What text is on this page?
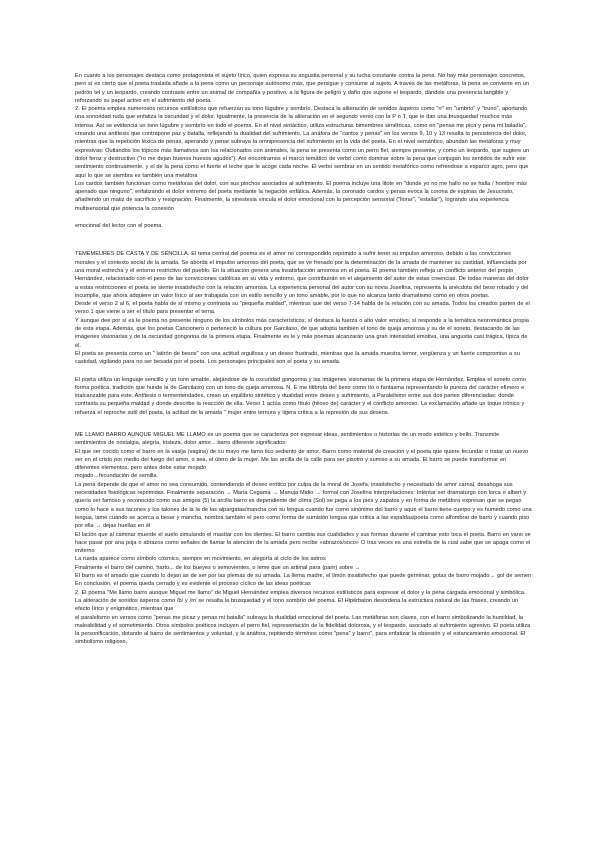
En cuanto a los personajes destaca como protagonista el sujeto lírico, quien expresa su angustia personal y su lucha constante contra la pena. No hay más personajes concretos, pero sí es cierto que el poeta traslada añade a la pena como un personaje autónomo más, que persigue y consume al sujeto. A través de las metáforas, la pena se convierte en un pedrón tel y un leopardo, creando contraste entre un animal de compañía y positivo, a la figura de peligro y daño que supone el leopardo, dándole una presencia tangible y reforzando su papel activo en el sufrimiento del poeta.

2. El poema emplea numerosos recursos estilísticos que refuerzan su tono lúgubre y sombrío. Destaca la aliteración de sonidos ásperos como "rr" en "umbrío" y "truno", aportando una sonoridad ruda que enfatiza la oscuridad y el dolor. Igualmente, la presencia de la aliteración en el segundo verso con la P o T, que le dan una brusquedad muchos más intensa. Así se evidencia un tono lúgubre y sombrío en todo el poema. En el nivel sintáctico, utiliza estructuras bimembres simétricas, como en "penas me pica y pena mi baladía", creando una antítesis que contrapone paz y batalla, reflejando la dualidad del sufrimiento. La anáfora de "cantos y penas" en los versos 9, 10 y 13 resalta la persistencia del dolor, mientras que la repetición léxica de penas, aperando y penar subraya la omnipresencia del sufrimiento en la vida del poeta. En el nivel semántico, abundan las metáforas y muy expresivas: Outlandos los tópicos más llamativos son los relacionados con animales, la pena se presenta como un perro fiel, siempre presente, y como un leopardo, que sugiere un dolor feroz y destructivo ("ro me dejan buenos huesos agudos"). Así encontramos el marco temático de verbo como dominar sobre la pena que conjugan los sentidos de sufrir ese sentimiento continuamente, y el de la pena como el fuerte el leche que le acoge cada noche. El verbo sembrar en un sentido metafórico como refrendose a esparcir agro, pero que aquí lo que se siembra es también una metáfora

Los cardos también funcionan como metáforas del dolor, con sus pinchos asociados al sufrimiento. El poema incluye una litote en "donde yo no me hallo no se halla / hombre más apenado que ninguno", enfatizando el dolor extremo del poeta mediante la negación enfática. Además, la coronado cardos y penas evoca la corona de espinas de Jesucristo, añadiendo un matiz de sacrificio y resignación. Finalmente, la sinestesia vincula el dolor emocional con la percepción sensorial ("llorar", "estallar"), logrando una experiencia multisensorial que potencia la conexión

emocional del lector con el poema.

TEMEMEURES DE CASTA Y DE SENCILLA. El tema central del poema es el amor no correspondido reprimido a sufrir tener su impulso amoroso, debido a las convicciones morales y el contexto social de la amada. Se aborda el impulso amoroso del poeta, que se ve frenado por la determinación de la amada de mantener su castidad, influenciada por una moral estrecha y el entorno restrictivo del pueblo. En la situación genera una insatisfacción amorosa en el poeta. El poema también refleja un conflicto anterior del propio Hernández, relacionado con el peso de las convicciones católicas en su vida y entorno, que contribuirán en el alejamiento del autor de estas creencias. De todas maneras del dolor a estas restricciones el poeta se siente insatisfecho con la relación amorosa. La experiencia personal del autor con su novia Josefina, representa la anécdota del beso robado y del incumplie, que ahora adquiere un valor lírico al ser trabajada con un estilo sencillo y un tono amable, por lo que no alcanza tanto dramatismo como en otros poetas.

Desde el verso 2 al 6, el poeta habla de sí mismo y contrasta su "pequeña maldad", mientras que del verso 7-14 habla de la relación con su amada. Todos los creados parten de el verso 1 que viene a ser el título para presentar el tema.

Y aunque dee por sí es le poema no presente ninguno de los símbolos más característicos, sí destaca la fuerza o alto valor emotivo, sí responde a la temática neoromántica propia de esta etapa. Además, que los poetas Cancionero o perteneció la cultura por Garcilaso, de que adopta también el tono de queja amorosa y su de el soneto, destacando de las imágenes visionarias y de la oscuridad gongorina de la primera etapa. Finalmente es le y más poemas alcanzarán una gran intensidad emotiva, una angustia casi trágica, típica de él.

El poeta se presenta como un " latirón de besos" con una actitud orgullosa y un deseo frustrado, mientras que la amada muestra temor, vergüenza y un fuerte compromiso a su castidad, vigilando para no ser besada por el poeta. Los personajes principales son el poeta y su amada.

El poeta utiliza un lenguaje sencillo y un tono amable, alejándose de la oscuridad gongorina y las imágenes visionarias de la primera etapa de Hernández. Emplea el soneto como forma poética, tradición que hunde la de Garcilaso) con un tono de queja amorosa. N. E me titibrota del beso como tío o fantasma representando la pureza del carácter efímero e inalcanzable para este. Antítesis o termentendades, crean un equilibrio sintético y dualidad entre deseo y sufrimiento, a Paralelismo entre sus dos partes diferenciadas: donde contrasta su pequeña maldad y donde describe la reacción de ella. Verso 1 actúa como título (hiloso de) carácter y el conflicto amoroso. La exclamación añade un toque irónico y refuerza el reproche sutil del poeta, la actitud de la amada " mujer entre ternura y ligera crítica a la represión de sus deseos.

ME LLAMO BARRO AUNQUE MIGUEL ME LLAMO es un poema que se caracteriza por expresar ideas, sentimientos o historias de un modo estético y bello. Transmite sentimientos de nostalgia, alegría, tristeza, dolor amor... barro diferente significados:

El que ser cocido como el barro en la vasija (vagina) de su mayo me lamo tico sediento de amor. Barro como material de creación y el poeta que quiere fecundar o tratar un nuevo ser en el cristo por medio del fuego del amor, o sea, el útero de la mujer. Me las arcilla de la calle para ser pisotro y sumiso a su amada. El barro se puede transformar en diferentes elementos, pero antes debe estar mojado

mojado→fecundación de semilla

La pena depende de que el amor no sea consumido, contendiendo el deseo erótico por culpa de la moral de Josefa, insatisfecho y necesitado de amor carnal, desahoga sus necesidades fisiológicas reprimidas. Finalmente separación → María Cegama → Manuja Midio → formal con Josefina interpretaciones: Inténtar ser dramaturgo con lorca o albert y quería ser famoso y reconocido como sus amigos (5) la arcilla barro es dependiente del clima (Sol) se pega a los pies y zapatos y en forma de metáfora expresan que se pegan como lo hace a sus tacones y los talones de la la de las alpargatas/mancha con su lengua cuando fue como sinónimo del barro y aque el barro tiene cuerpo y es humedo como una lengua, lame cuando se acerca a besar y mancha, nombra también el pero como forma de sumisión lengua que critica a las espaldas/poeta como alfombrar de barro y cuando piso por ella → dejas huellas en él

El lación que al caminar muerde el suelo simulando el mastíar con los dientes. El barro cambia sus cualidades y sus formas durante el caminar esto toca el poeta. Barro en vano se hace pasar por ana poja o abrazos como señales de llamar la atención de la amada pero recibe «abrazos/soco» O tras veces es una estrella de la cual sabe que se apaga como el invierno

La rueda aparece como símbolo cósmico, siempre en movimiento, en alegoría al ciclo de los astros

Finalmente el barro del camino, harto... de los bueyes o semovientes, o leme que un artimal para (parir) sobre →

El barro es el amado que cuando lo dejan as de ser por las plemas de su amada. La llema madre, el limón insatisfecho que puede germinar, gotas de barro mojado→ gol de semen

En conclusión, el poema queda cerrado y es evidente el proceso cíclico de las ideas poéticas

2. El poema "Me llamo barro aunque Miguel me llamo" de Miguel Hernández emplea diversos recursos estilísticos para expresar el dolor y la pena cargada emocional y simbólica. La aliteración de sonidos ásperos como /b/ y /rr/ se resalta la brusquedad y el tono sombrío del poema. El Hipérbaton desordena la estructura natural de las frases, creando un efecto lírico y enigmático, mientras que

el paralelismo en versos como "penas me picaz y penas mi batalla" subraya la dualidad emocional del poeta. Las metáforas son claves, con el barro simbolizando la humildad, la maleabilidad y el sometimiento. Otros símbolos poéticos incluyen el perro fiel, representación de la fidelidad dolorosa, y el leopardo, asociado al sufrimiento agresivo. El poeta utiliza la personificación, dotando al barro de sentimientos y voluntad, y la anáfora, repitiendo términos como "pena" y barro", para enfatizar la obsesión y el estancamiento emocional. El simbolismo religioso,
